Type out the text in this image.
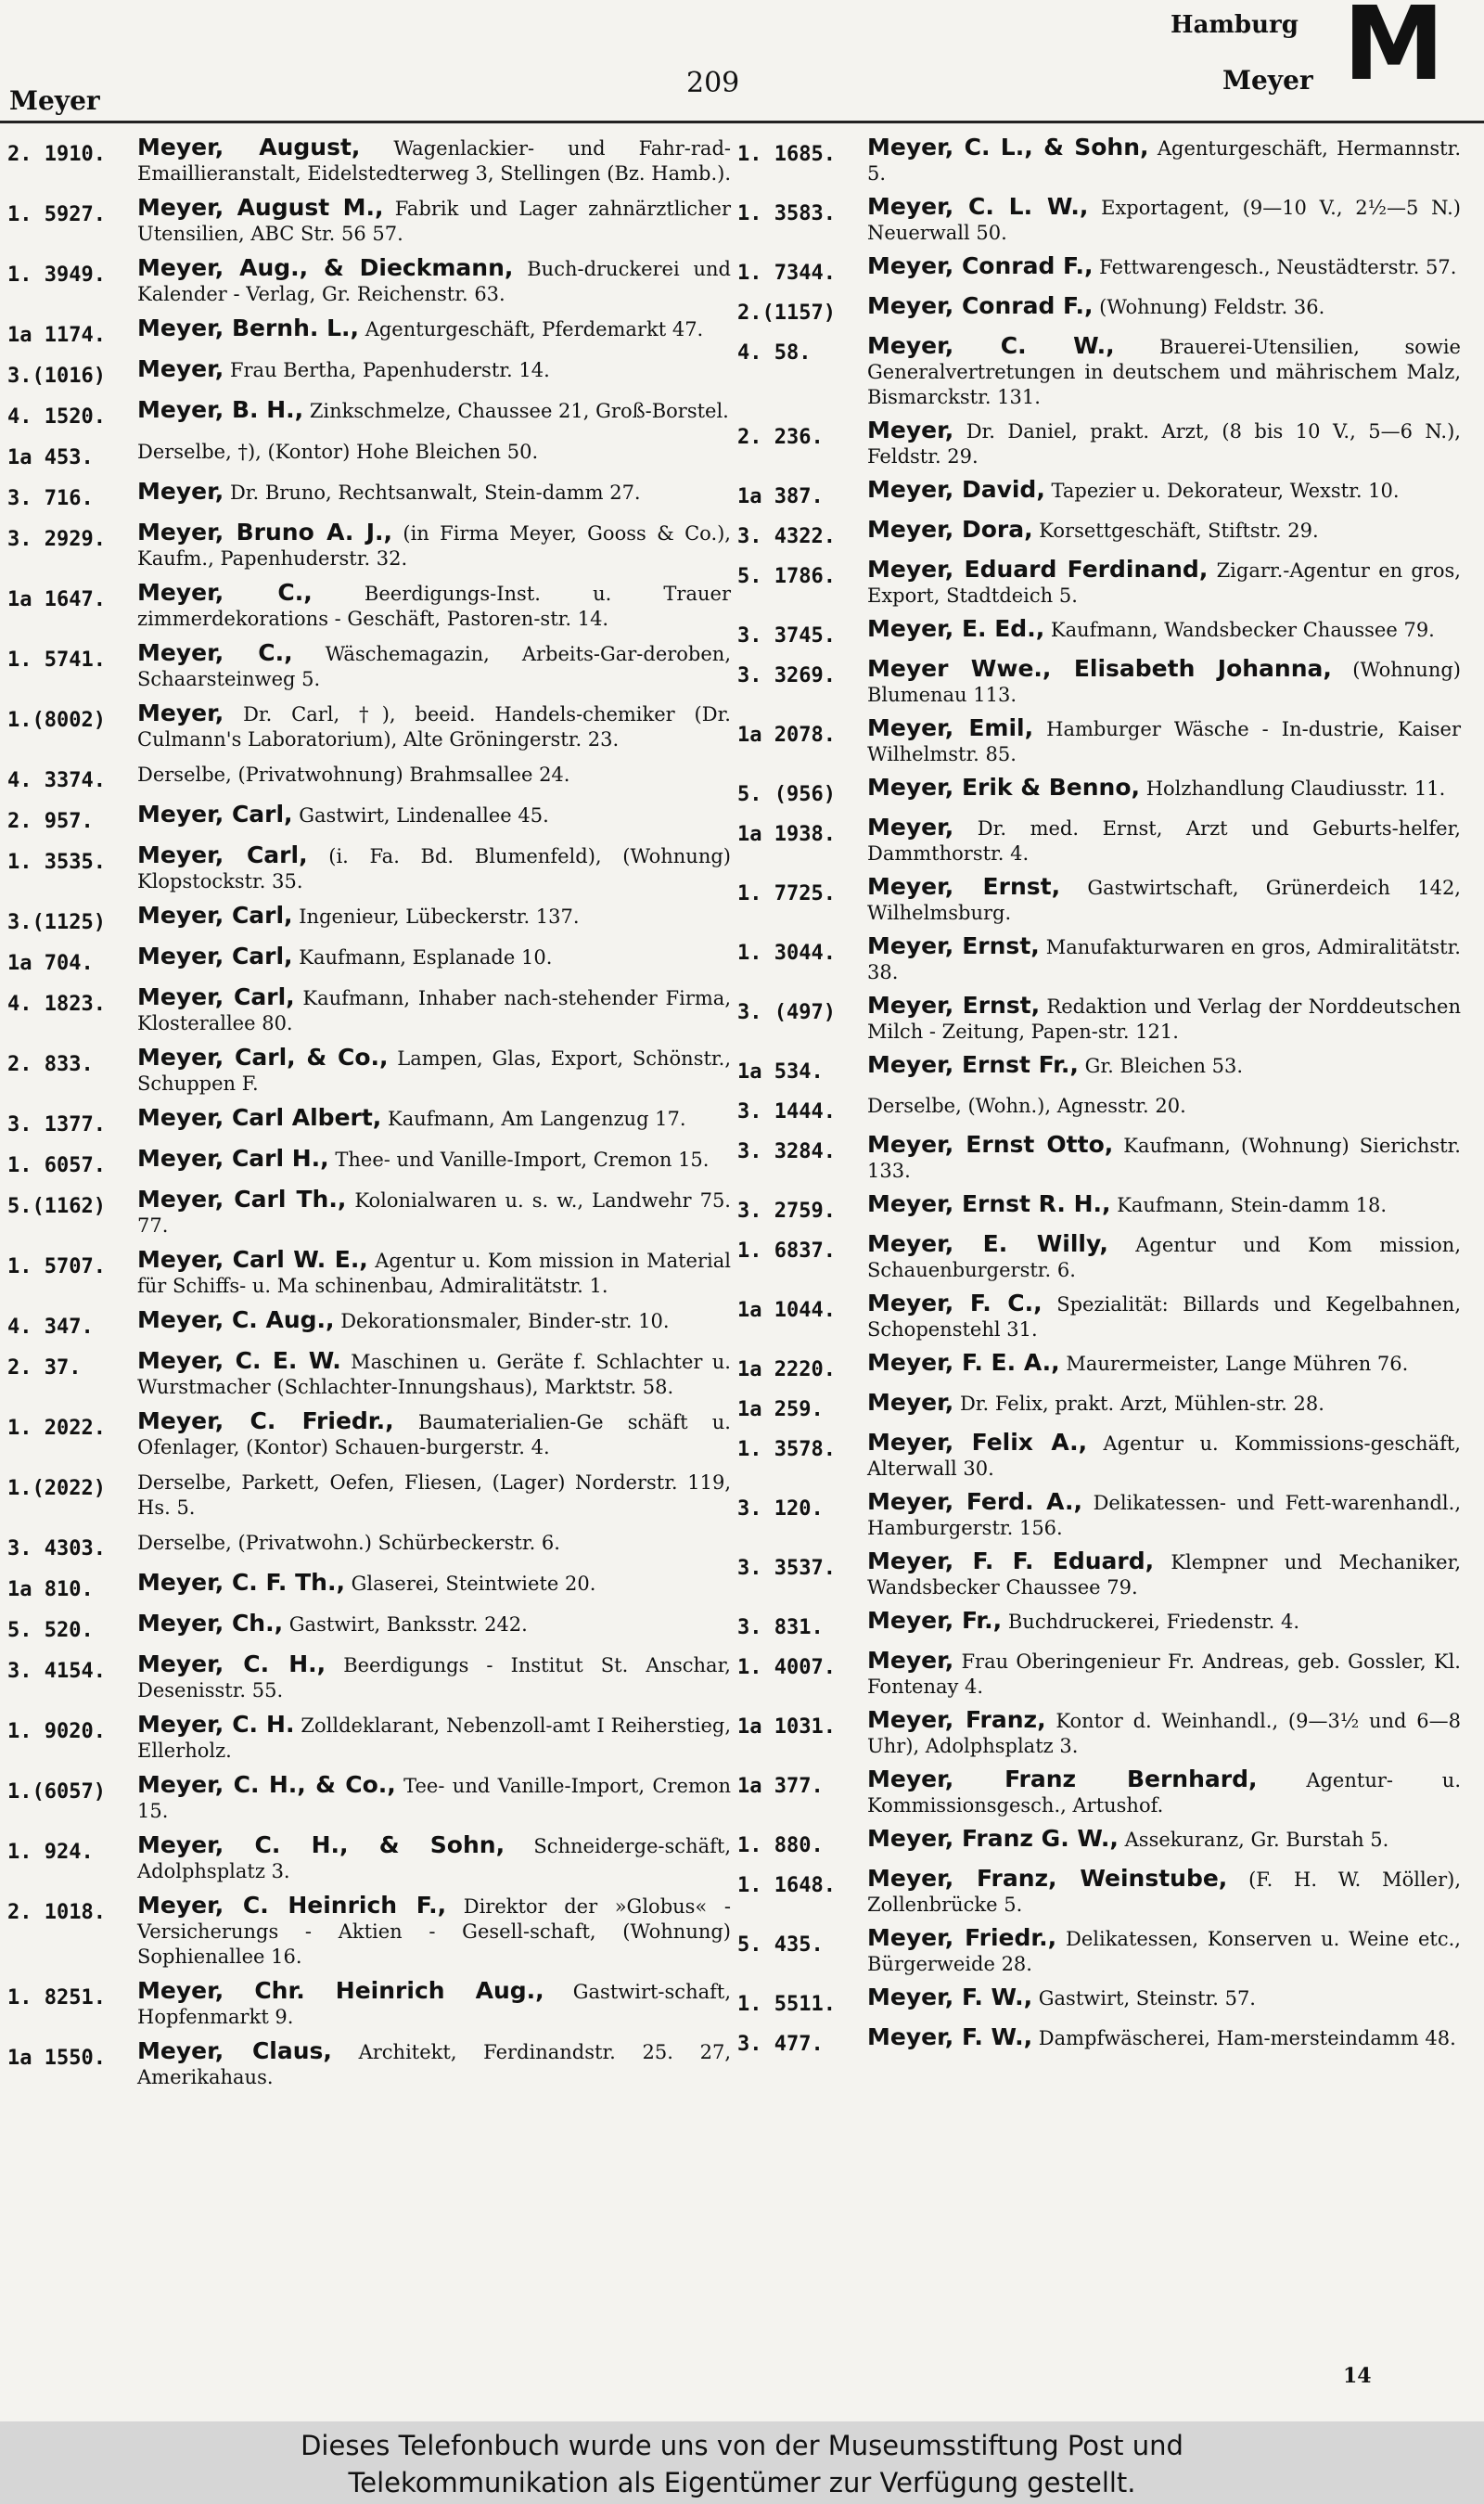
Meyer
209
Hamburg
Meyer M
2. 1910.	Meyer, August, Wagenlackier- und Fahr-rad-Emaillieranstalt, Eidelstedterweg 3, Stellingen (Bz. Hamb.).
1. 5927.	Meyer, August M., Fabrik und Lager zahnärztlicher Utensilien, ABC Str. 56 57.
1. 3949.	Meyer, Aug., & Dieckmann, Buch-druckerei und Kalender - Verlag, Gr. Reichenstr. 63.
1a 1174.	Meyer, Bernh. L., Agenturgeschäft, Pferdemarkt 47.
3.(1016)	Meyer, Frau Bertha, Papenhuderstr. 14.
4. 1520.	Meyer, B. H., Zinkschmelze, Chaussee 21, Groß-Borstel.
1a 453.	Derselbe, †), (Kontor) Hohe Bleichen 50.
3. 716.	Meyer, Dr. Bruno, Rechtsanwalt, Stein-damm 27.
3. 2929.	Meyer, Bruno A. J., (in Firma Meyer, Gooss & Co.), Kaufm., Papenhuderstr. 32.
1a 1647.	Meyer, C.,	Beerdigungs-Inst. u. Trauer zimmerdekorations - Geschäft, Pastoren-str. 14.
1. 5741.	Meyer, C., Wäschemagazin, Arbeits-Gar-deroben, Schaarsteinweg 5.
1.(8002)	Meyer, Dr. Carl, †), beeid. Handels-chemiker (Dr. Culmann's Laboratorium), Alte Gröningerstr. 23.
4. 3374.	Derselbe, (Privatwohnung) Brahmsallee 24.
2. 957.	Meyer, Carl, Gastwirt, Lindenallee 45.
1. 3535.	Meyer, Carl, (i. Fa. Bd. Blumenfeld), (Wohnung) Klopstockstr. 35.
3.(1125)	Meyer, Carl, Ingenieur, Lübeckerstr. 137.
1a 704.	Meyer, Carl, Kaufmann, Esplanade 10.
4. 1823.	Meyer, Carl, Kaufmann, Inhaber nach-stehender Firma, Klosterallee 80.
2. 833.	Meyer, Carl, & Co., Lampen, Glas, Export, Schönstr., Schuppen F.
3. 1377.	Meyer, Carl Albert, Kaufmann, Am Langenzug 17.
1. 6057.	Meyer, Carl H., Thee- und Vanille-Import, Cremon 15.
5.(1162)	Meyer, Carl Th., Kolonialwaren u. s. w., Landwehr 75. 77.
1. 5707.	Meyer, Carl W. E., Agentur u. Kom mission in Material für Schiffs- u. Ma schinenbau, Admiralitätstr. 1.
4. 347.	Meyer, C. Aug., Dekorationsmaler, Binder-str. 10.
2. 37.	Meyer, C. E. W. Maschinen u. Geräte f. Schlachter u. Wurstmacher (Schlachter-Innungshaus), Marktstr. 58.
1. 2022.	Meyer, C. Friedr., Baumaterialien-Ge schäft u. Ofenlager, (Kontor) Schauen-burgerstr. 4.
1.(2022)	Derselbe, Parkett, Oefen, Fliesen, (Lager) Norderstr. 119, Hs. 5.
3. 4303.	Derselbe, (Privatwohn.) Schürbeckerstr. 6.
1a 810.	Meyer, C. F. Th., Glaserei, Steintwiete 20.
5. 520.	Meyer, Ch., Gastwirt, Banksstr. 242.
3. 4154.	Meyer, C. H., Beerdigungs - Institut St. Anschar, Desenisstr. 55.
1. 9020.	Meyer, C. H. Zolldeklarant, Nebenzoll-amt I Reiherstieg, Ellerholz.
1.(6057)	Meyer, C. H., & Co., Tee- und Vanille-Import, Cremon 15.
1. 924.	Meyer, C. H., & Sohn, Schneiderge-schäft, Adolphsplatz 3.
2. 1018.	Meyer, C. Heinrich F., Direktor der »Globus« - Versicherungs - Aktien - Gesell-schaft, (Wohnung) Sophienallee 16.
1. 8251.	Meyer, Chr. Heinrich Aug., Gastwirt-schaft, Hopfenmarkt 9.
1a 1550.	Meyer, Claus, Architekt, Ferdinandstr. 25. 27, Amerikahaus.
1. 1685.	Meyer, C. L., & Sohn, Agenturgeschäft, Hermannstr. 5.
1. 3583.	Meyer, C. L. W., Exportagent, (9—10 V., 2½—5 N.) Neuerwall 50.
1. 7344.	Meyer, Conrad F., Fettwarengesch., Neustädterstr. 57.
2.(1157)	Meyer, Conrad F., (Wohnung) Feldstr. 36.
4. 58.	Meyer, C. W., Brauerei-Utensilien, sowie Generalvertretungen in deutschem und mährischem Malz, Bismarckstr. 131.
2. 236.	Meyer, Dr. Daniel, prakt. Arzt, (8 bis 10 V., 5—6 N.), Feldstr. 29.
1a 387.	Meyer, David, Tapezier u. Dekorateur, Wexstr. 10.
3. 4322.	Meyer, Dora, Korsettgeschäft, Stiftstr. 29.
5. 1786.	Meyer, Eduard Ferdinand, Zigarr.-Agentur en gros, Export, Stadtdeich 5.
3. 3745.	Meyer, E. Ed., Kaufmann, Wandsbecker Chaussee 79.
3. 3269.	Meyer Wwe., Elisabeth Johanna, (Wohnung) Blumenau 113.
1a 2078.	Meyer, Emil, Hamburger Wäsche - In-dustrie, Kaiser Wilhelmstr. 85.
5. (956)	Meyer, Erik & Benno, Holzhandlung Claudiusstr. 11.
1a 1938.	Meyer, Dr. med. Ernst, Arzt und Geburts-helfer, Dammthorstr. 4.
1. 7725.	Meyer, Ernst, Gastwirtschaft, Grünerdeich 142, Wilhelmsburg.
1. 3044.	Meyer, Ernst, Manufakturwaren en gros, Admiralitätstr. 38.
3. (497)	Meyer, Ernst, Redaktion und Verlag der Norddeutschen Milch - Zeitung, Papen-str. 121.
1a 534.	Meyer, Ernst Fr., Gr. Bleichen 53.
3. 1444.	Derselbe, (Wohn.), Agnesstr. 20.
3. 3284.	Meyer, Ernst Otto, Kaufmann, (Wohnung) Sierichstr. 133.
3. 2759.	Meyer, Ernst R. H., Kaufmann, Stein-damm 18.
1. 6837.	Meyer, E. Willy, Agentur und Kom mission, Schauenburgerstr. 6.
1a 1044.	Meyer, F. C., Spezialität: Billards und Kegelbahnen, Schopenstehl 31.
1a 2220.	Meyer, F. E. A., Maurermeister, Lange Mühren 76.
1a 259.	Meyer, Dr. Felix, prakt. Arzt, Mühlen-str. 28.
1. 3578.	Meyer, Felix A., Agentur u. Kommissions-geschäft, Alterwall 30.
3. 120.	Meyer, Ferd. A., Delikatessen- und Fett-warenhandl., Hamburgerstr. 156.
3. 3537.	Meyer, F. F. Eduard, Klempner und Mechaniker, Wandsbecker Chaussee 79.
3. 831.	Meyer, Fr., Buchdruckerei, Friedenstr. 4.
1. 4007.	Meyer, Frau Oberingenieur Fr. Andreas, geb. Gossler, Kl. Fontenay 4.
1a 1031.	Meyer, Franz, Kontor d. Weinhandl., (9—3½ und 6—8 Uhr), Adolphsplatz 3.
1a 377.	Meyer, Franz Bernhard,	Agentur- u. Kommissionsgesch., Artushof.
1. 880.	Meyer, Franz G. W., Assekuranz, Gr. Burstah 5.
1. 1648.	Meyer, Franz, Weinstube, (F. H. W. Möller), Zollenbrücke 5.
5. 435.	Meyer, Friedr., Delikatessen, Konserven u. Weine etc., Bürgerweide 28.
1. 5511.	Meyer, F. W., Gastwirt, Steinstr. 57.
3. 477.	Meyer, F. W., Dampfwäscherei, Ham-mersteindamm 48.
14
Dieses Telefonbuch wurde uns von der Museumsstiftung Post und
Telekommunikation als Eigentümer zur Verfügung gestellt.
